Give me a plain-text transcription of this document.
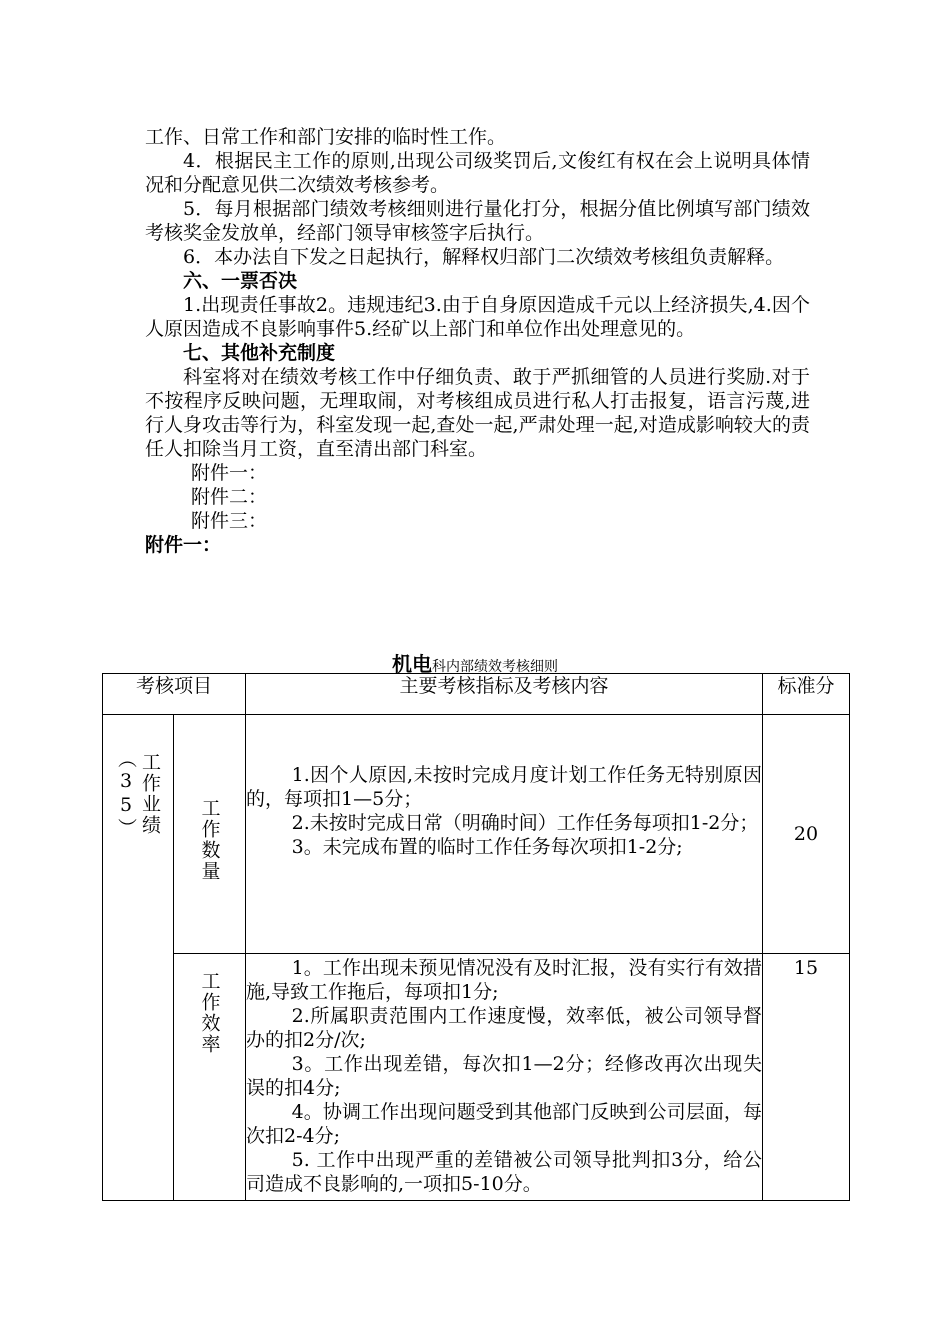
工作、日常工作和部门安排的临时性工作。

4．根据民主工作的原则,出现公司级奖罚后,文俊红有权在会上说明具体情况和分配意见供二次绩效考核参考。

5．每月根据部门绩效考核细则进行量化打分，根据分值比例填写部门绩效考核奖金发放单，经部门领导审核签字后执行。

6．本办法自下发之日起执行，解释权归部门二次绩效考核组负责解释。

六、一票否决

1.出现责任事故2。违规违纪3.由于自身原因造成千元以上经济损失,4.因个人原因造成不良影响事件5.经矿以上部门和单位作出处理意见的。

七、其他补充制度

科室将对在绩效考核工作中仔细负责、敢于严抓细管的人员进行奖励.对于不按程序反映问题，无理取闹，对考核组成员进行私人打击报复，语言污蔑,进行人身攻击等行为，科室发现一起,查处一起,严肃处理一起,对造成影响较大的责任人扣除当月工资，直至清出部门科室。

附件一：

附件二：

附件三：

附件一：

机电科内部绩效考核细则
考核项目		主要考核指标及考核内容	标准分

工作业绩（35）	工作数量	1.因个人原因,未按时完成月度计划工作任务无特别原因的，每项扣1—5分；

2.未按时完成日常（明确时间）工作任务每项扣1-2分；

3。未完成布置的临时工作任务每次项扣1-2分;	20

	工作效率	1。工作出现未预见情况没有及时汇报，没有实行有效措施,导致工作拖后，每项扣1分;

2.所属职责范围内工作速度慢，效率低，被公司领导督办的扣2分/次;

3。工作出现差错，每次扣1—2分；经修改再次出现失误的扣4分;

4。协调工作出现问题受到其他部门反映到公司层面，每次扣2-4分;

5. 工作中出现严重的差错被公司领导批判扣3分，给公司造成不良影响的,一项扣5-10分。	15
